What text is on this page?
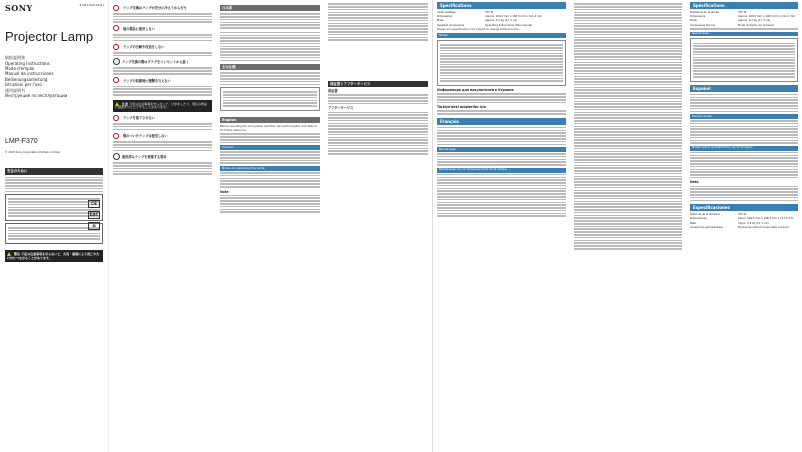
SONY	4-591-042-01(1)
Projector Lamp
取扱説明書
Operating Instructions
Mode d'emploi
Manual de instrucciones
Bedienungsanleitung
Istruzioni per l'uso
使用说明书
Инструкция по эксплуатации
CE
EAC
⊠
LMP-F370
© 2015 Sony Corporation Printed in China
安全のために
警告 下記の注意事項を守らないと、火災・感電により死亡や大けがにつながることがあります。
ランプ交換はランプが充分に冷えてから行う
他の製品に使用しない
ランプの分解や改造をしない
ランプ交換の際はプラグをコンセントから抜く
ランプの収納時に衝撃を与えない
注意 下記の注意事項を守らないと、けがをしたり、周辺の物品に損害を与えたりすることがあります。
ランプを落下させない
傷のついたランプは使用しない
使用済みランプを廃棄する場合
日本語
主な仕様
English
Before operating the unit, please read this manual thoroughly and retain it for future reference.
Caution
Notes on replacing the lamp
Note
保証書とアフターサービス
保証書
アフターサービス
Specifications
Lamp wattage	370 W
Dimensions	Approx. 106.5 mm x 148.3 mm x 111.2 mm
Mass	Approx. 0.3 kg (11 ⅞ oz)
Supplied accessories	Operating Instructions (this manual)
Design and specifications are subject to change without notice.
Notes
Информация для покупателей в Украине
Türkiye'deki müşteriler için
Français
Remarques
Remarques sur le remplacement de la lampe
Spécifications
Puissance de la lampe	370 W
Dimensions	Approx. 106.5 mm x 148.3 mm x 111.2 mm
Poids	Approx. 0.3 kg (11 ⅞ oz)
Accessoires fournis	Mode d'emploi (ce manuel)
Remarques
Español
Precauciones
Notas sobre la sustitución de la lámpara
Nota
Especificaciones
Potencia de la lámpara	370 W
Dimensiones	Aprox. 106.5 mm x 148.3 mm x 111.2 mm
Peso	Aprox. 0.3 kg (11 ⅞ oz)
Accesorios suministrados	Manual de instrucciones (este manual)
